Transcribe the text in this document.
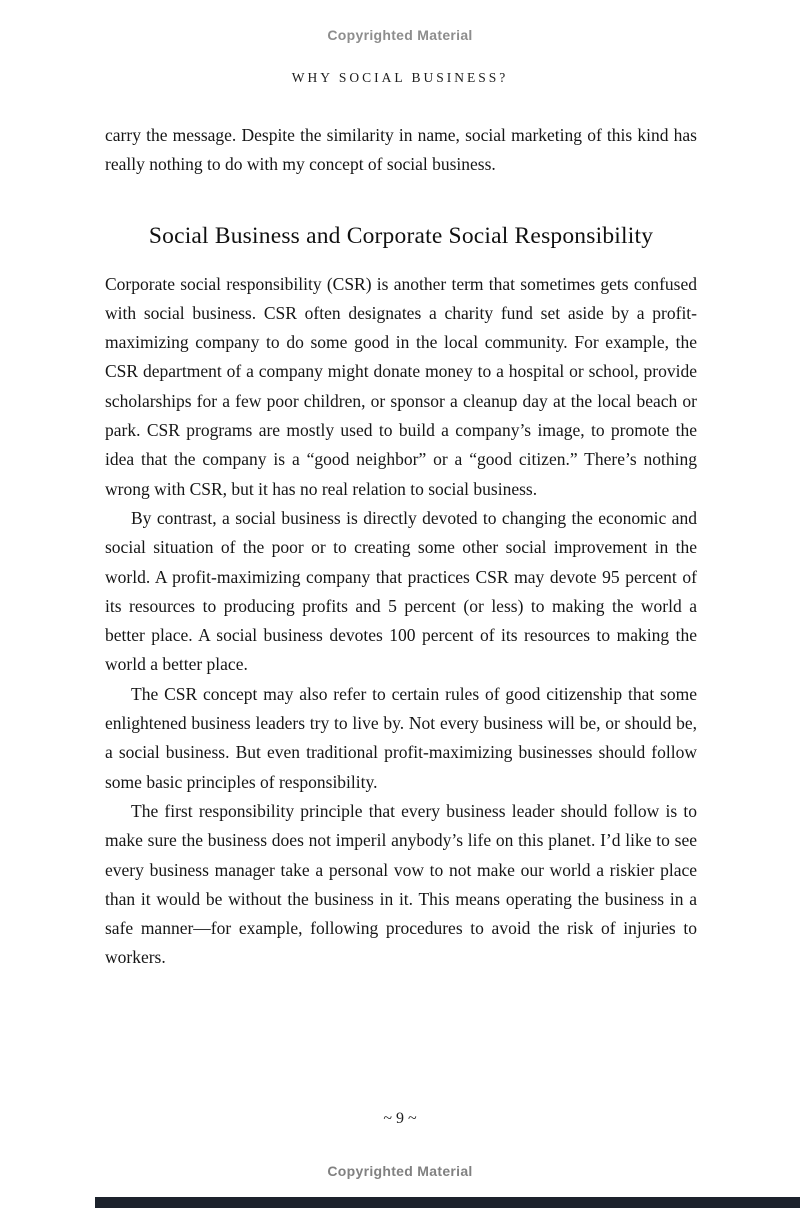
Copyrighted Material
WHY SOCIAL BUSINESS?

carry the message. Despite the similarity in name, social marketing of this kind has really nothing to do with my concept of social business.

Social Business and Corporate Social Responsibility

Corporate social responsibility (CSR) is another term that sometimes gets confused with social business. CSR often designates a charity fund set aside by a profit-maximizing company to do some good in the local community. For example, the CSR department of a company might donate money to a hospital or school, provide scholarships for a few poor children, or sponsor a cleanup day at the local beach or park. CSR programs are mostly used to build a company’s image, to promote the idea that the company is a “good neighbor” or a “good citizen.” There’s nothing wrong with CSR, but it has no real relation to social business.

By contrast, a social business is directly devoted to changing the economic and social situation of the poor or to creating some other social improvement in the world. A profit-maximizing company that practices CSR may devote 95 percent of its resources to producing profits and 5 percent (or less) to making the world a better place. A social business devotes 100 percent of its resources to making the world a better place.

The CSR concept may also refer to certain rules of good citizenship that some enlightened business leaders try to live by. Not every business will be, or should be, a social business. But even traditional profit-maximizing businesses should follow some basic principles of responsibility.

The first responsibility principle that every business leader should follow is to make sure the business does not imperil anybody’s life on this planet. I’d like to see every business manager take a personal vow to not make our world a riskier place than it would be without the business in it. This means operating the business in a safe manner—for example, following procedures to avoid the risk of injuries to workers.

~ 9 ~
Copyrighted Material
